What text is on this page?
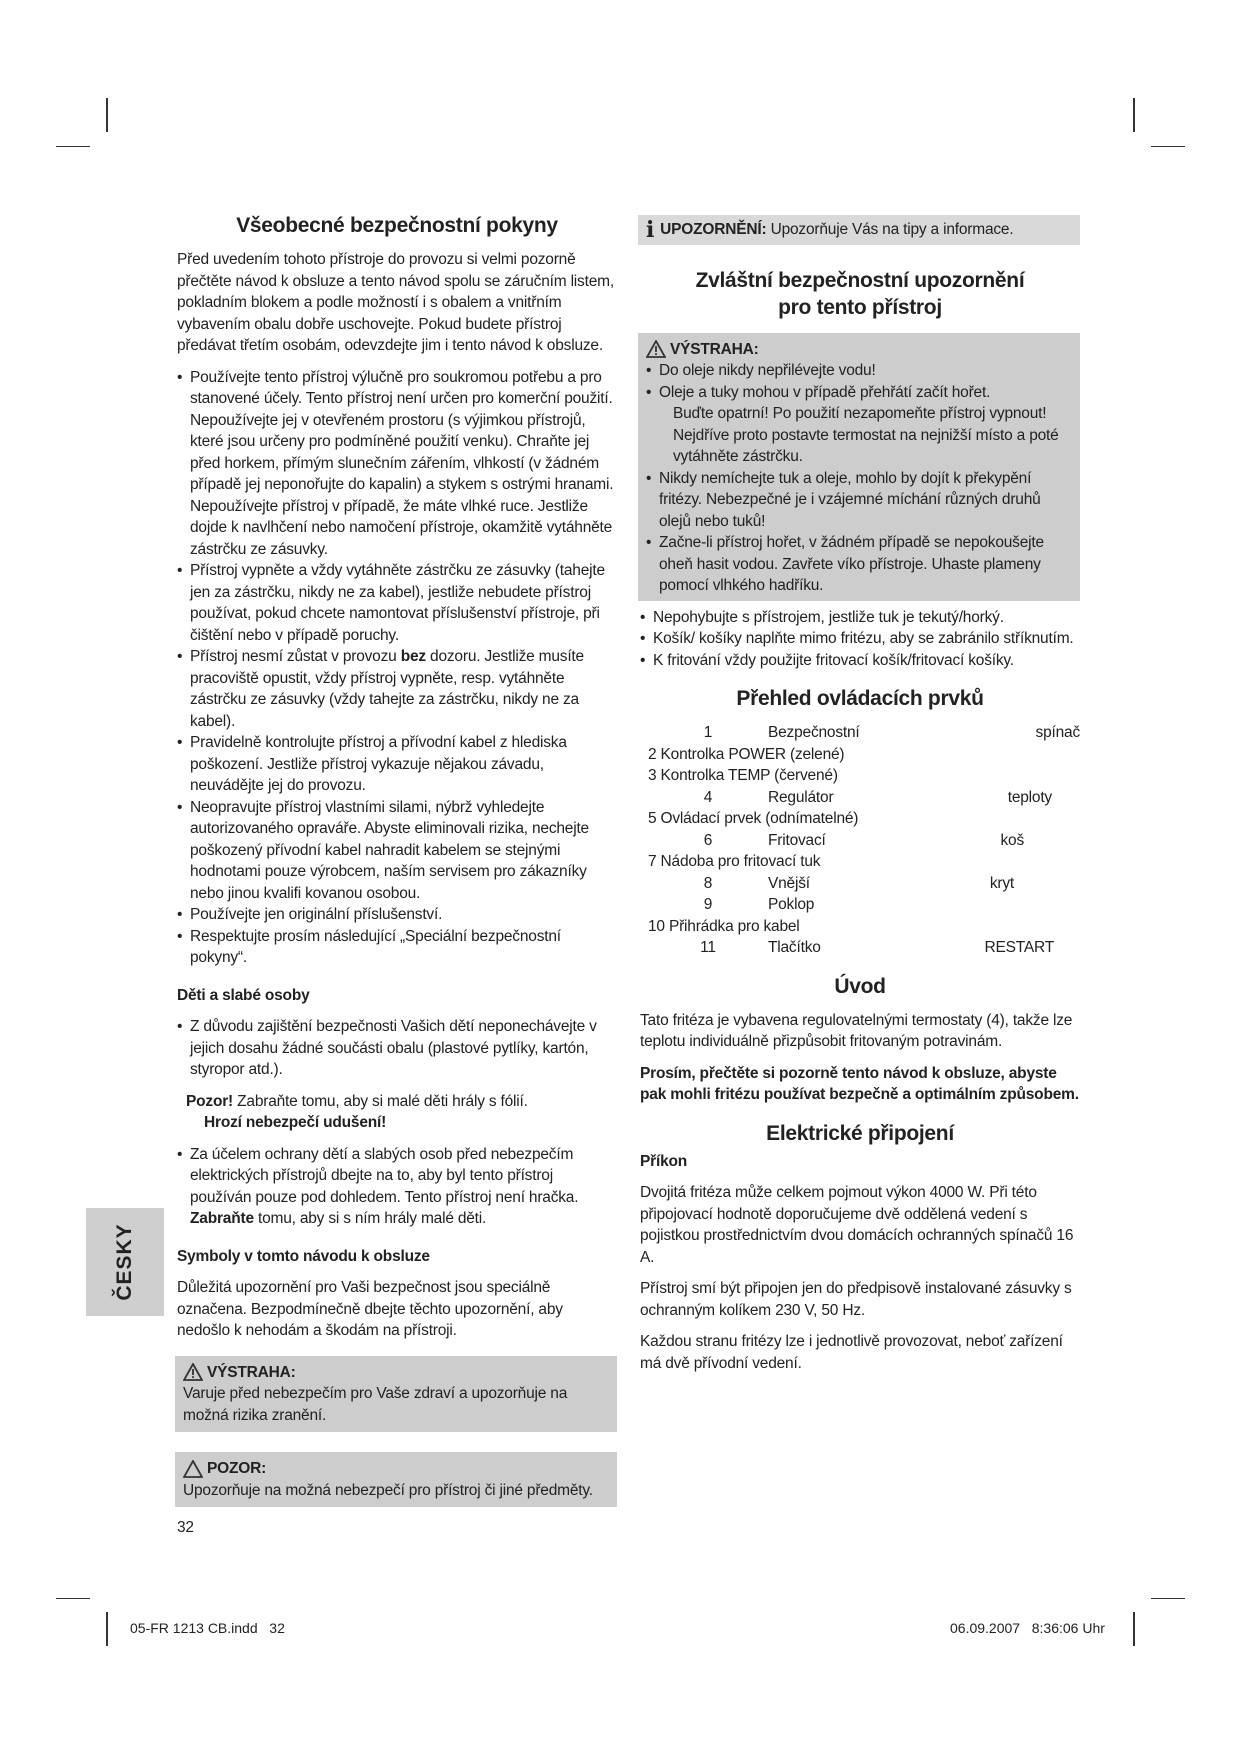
ČESKY
Všeobecné bezpečnostní pokyny

Před uvedením tohoto přístroje do provozu si velmi pozorně přečtěte návod k obsluze a tento návod spolu se záručním listem, pokladním blokem a podle možností i s obalem a vnitřním vybavením obalu dobře uschovejte. Pokud budete přístroj předávat třetím osobám, odevzdejte jim i tento návod k obsluze.

• Používejte tento přístroj výlučně pro soukromou potřebu a pro stanovené účely. Tento přístroj není určen pro komerční použití. Nepoužívejte jej v otevřeném prostoru (s výjimkou přístrojů, které jsou určeny pro podmíněné použití venku). Chraňte jej před horkem, přímým slunečním zářením, vlhkostí (v žádném případě jej neponořujte do kapalin) a stykem s ostrými hranami. Nepoužívejte přístroj v případě, že máte vlhké ruce. Jestliže dojde k navlhčení nebo namočení přístroje, okamžitě vytáhněte zástrčku ze zásuvky.
• Přístroj vypněte a vždy vytáhněte zástrčku ze zásuvky (tahejte jen za zástrčku, nikdy ne za kabel), jestliže nebudete přístroj používat, pokud chcete namontovat příslušenství přístroje, při čištění nebo v případě poruchy.
• Přístroj nesmí zůstat v provozu bez dozoru. Jestliže musíte pracoviště opustit, vždy přístroj vypněte, resp. vytáhněte zástrčku ze zásuvky (vždy tahejte za zástrčku, nikdy ne za kabel).
• Pravidelně kontrolujte přístroj a přívodní kabel z hlediska poškození. Jestliže přístroj vykazuje nějakou závadu, neuvádějte jej do provozu.
• Neopravujte přístroj vlastními silami, nýbrž vyhledejte autorizovaného opraváře. Abyste eliminovali rizika, nechejte poškozený přívodní kabel nahradit kabelem se stejnými hodnotami pouze výrobcem, naším servisem pro zákazníky nebo jinou kvalifi kovanou osobou.
• Používejte jen originální příslušenství.
• Respektujte prosím následující „Speciální bezpečnostní pokyny“.
Děti a slabé osoby
• Z důvodu zajištění bezpečnosti Vašich dětí neponechávejte v jejich dosahu žádné součásti obalu (plastové pytlíky, kartón, styropor atd.).

Pozor! Zabraňte tomu, aby si malé děti hrály s fólií.
Hrozí nebezpečí udušení!

• Za účelem ochrany dětí a slabých osob před nebezpečím elektrických přístrojů dbejte na to, aby byl tento přístroj používán pouze pod dohledem. Tento přístroj není hračka. Zabraňte tomu, aby si s ním hrály malé děti.
Symboly v tomto návodu k obsluze

Důležitá upozornění pro Vaši bezpečnost jsou speciálně označena. Bezpodmínečně dbejte těchto upozornění, aby nedošlo k nehodám a škodám na přístroji.

VÝSTRAHA:
Varuje před nebezpečím pro Vaše zdraví a upozorňuje na možná rizika zranění.
POZOR:
Upozorňuje na možná nebezpečí pro přístroj či jiné předměty.
32
i UPOZORNĚNÍ: Upozorňuje Vás na tipy a informace.
Zvláštní bezpečnostní upozornění
pro tento přístroj
VÝSTRAHA:
• Do oleje nikdy nepřilévejte vodu!
• Oleje a tuky mohou v případě přehřátí začít hořet.
Buďte opatrní! Po použití nezapomeňte přístroj vypnout! Nejdříve proto postavte termostat na nejnižší místo a poté vytáhněte zástrčku.
• Nikdy nemíchejte tuk a oleje, mohlo by dojít k překypění fritézy. Nebezpečné je i vzájemné míchání různých druhů olejů nebo tuků!
• Začne-li přístroj hořet, v žádném případě se nepokoušejte oheň hasit vodou. Zavřete víko přístroje. Uhaste plameny pomocí vlhkého hadříku.
• Nepohybujte s přístrojem, jestliže tuk je tekutý/horký.
• Košík/ košíky naplňte mimo fritézu, aby se zabránilo stříknutím.
• K fritování vždy použijte fritovací košík/fritovací košíky.
Přehled ovládacích prvků
1	Bezpečnostní	spínač
2 Kontrolka POWER (zelené)
3 Kontrolka TEMP (červené)
4	Regulátor	teploty
5 Ovládací prvek (odnímatelné)
6	Fritovací	koš
7 Nádoba pro fritovací tuk
8	Vnější	kryt
9	Poklop
10 Přihrádka pro kabel
11	Tlačítko	RESTART
Úvod

Tato fritéza je vybavena regulovatelnými termostaty (4), takže lze teplotu individuálně přizpůsobit fritovaným potravinám.

Prosím, přečtěte si pozorně tento návod k obsluze, abyste pak mohli fritézu používat bezpečně a optimálním způsobem.

Elektrické připojení
Příkon

Dvojitá fritéza může celkem pojmout výkon 4000 W. Při této připojovací hodnotě doporučujeme dvě oddělená vedení s pojistkou prostřednictvím dvou domácích ochranných spínačů 16 A.

Přístroj smí být připojen jen do předpisově instalované zásuvky s ochranným kolíkem 230 V, 50 Hz.

Každou stranu fritézy lze i jednotlivě provozovat, neboť zařízení má dvě přívodní vedení.

05-FR 1213 CB.indd   32	06.09.2007   8:36:06 Uhr
